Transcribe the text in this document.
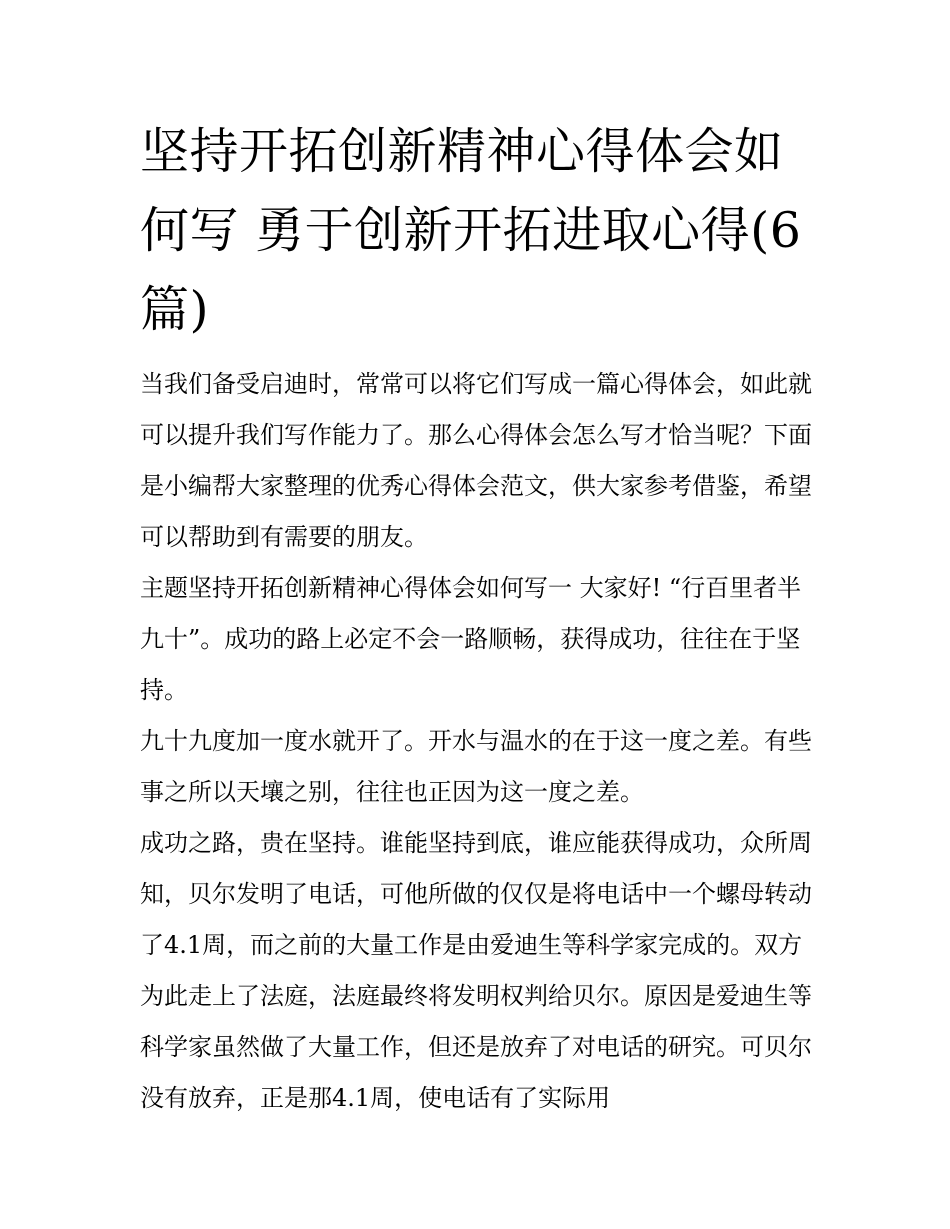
坚持开拓创新精神心得体会如何写 勇于创新开拓进取心得(6篇)

当我们备受启迪时，常常可以将它们写成一篇心得体会，如此就可以提升我们写作能力了。那么心得体会怎么写才恰当呢？下面是小编帮大家整理的优秀心得体会范文，供大家参考借鉴，希望可以帮助到有需要的朋友。

主题坚持开拓创新精神心得体会如何写一 大家好! “行百里者半九十”。成功的路上必定不会一路顺畅，获得成功，往往在于坚持。

九十九度加一度水就开了。开水与温水的在于这一度之差。有些事之所以天壤之别，往往也正因为这一度之差。

成功之路，贵在坚持。谁能坚持到底，谁应能获得成功，众所周知，贝尔发明了电话，可他所做的仅仅是将电话中一个螺母转动了4.1周，而之前的大量工作是由爱迪生等科学家完成的。双方为此走上了法庭，法庭最终将发明权判给贝尔。原因是爱迪生等科学家虽然做了大量工作，但还是放弃了对电话的研究。可贝尔没有放弃，正是那4.1周，使电话有了实际用
